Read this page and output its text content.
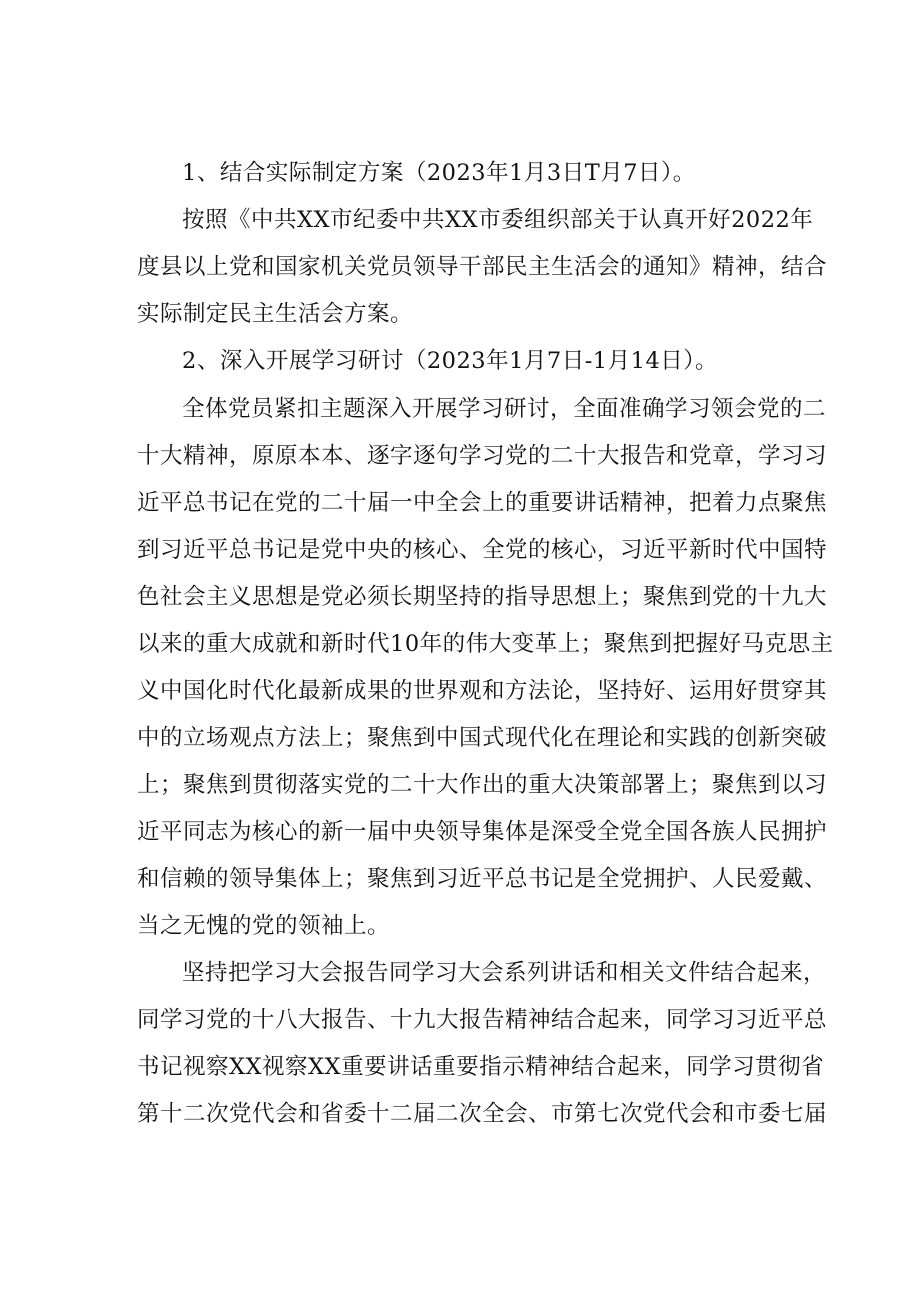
1、结合实际制定方案（2023年1月3日T月7日）。
按照《中共XX市纪委中共XX市委组织部关于认真开好2022年
度县以上党和国家机关党员领导干部民主生活会的通知》精神，结合
实际制定民主生活会方案。
2、深入开展学习研讨（2023年1月7日-1月14日）。
全体党员紧扣主题深入开展学习研讨，全面准确学习领会党的二
十大精神，原原本本、逐字逐句学习党的二十大报告和党章，学习习
近平总书记在党的二十届一中全会上的重要讲话精神，把着力点聚焦
到习近平总书记是党中央的核心、全党的核心，习近平新时代中国特
色社会主义思想是党必须长期坚持的指导思想上；聚焦到党的十九大
以来的重大成就和新时代10年的伟大变革上；聚焦到把握好马克思主
义中国化时代化最新成果的世界观和方法论，坚持好、运用好贯穿其
中的立场观点方法上；聚焦到中国式现代化在理论和实践的创新突破
上；聚焦到贯彻落实党的二十大作出的重大决策部署上；聚焦到以习
近平同志为核心的新一届中央领导集体是深受全党全国各族人民拥护
和信赖的领导集体上；聚焦到习近平总书记是全党拥护、人民爱戴、
当之无愧的党的领袖上。
坚持把学习大会报告同学习大会系列讲话和相关文件结合起来，
同学习党的十八大报告、十九大报告精神结合起来，同学习习近平总
书记视察XX视察XX重要讲话重要指示精神结合起来，同学习贯彻省
第十二次党代会和省委十二届二次全会、市第七次党代会和市委七届
